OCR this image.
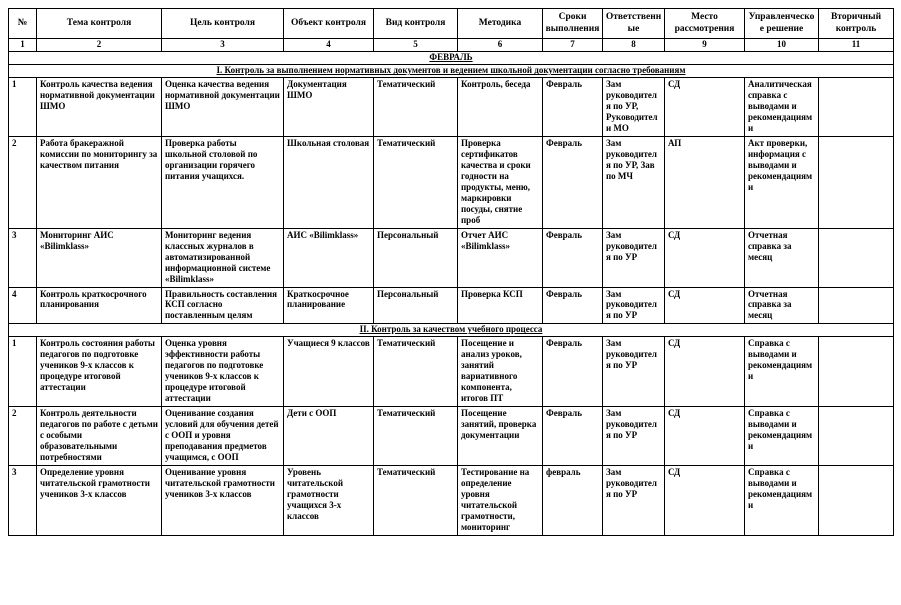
№	Тема контроля	Цель контроля	Объект контроля	Вид контроля	Методика	Сроки выполнения	Ответственные	Место рассмотрения	Управленческое решение	Вторичный контроль
1	2	3	4	5	6	7	8	9	10	11
ФЕВРАЛЬ										
I. Контроль за выполнением нормативных документов и ведением школьной документации согласно требованиям										
1	Контроль качества ведения нормативной документации ШМО	Оценка качества ведения нормативной документации ШМО	Документация ШМО	Тематический	Контроль, беседа	Февраль	Зам руководителя по УР, Руководители МО	СД	Аналитическая справка с выводами и рекомендациями	
2	Работа бракеражной комиссии по мониторингу за качеством питания	Проверка работы школьной столовой по организации горячего питания учащихся.	Школьная столовая	Тематический	Проверка сертификатов качества и сроки годности на продукты, меню, маркировки посуды, снятие проб	Февраль	Зам руководителя по УР, Зав по МЧ	АП	Акт проверки, информация с выводами и рекомендациями	
3	Мониторинг АИС «Bilimklass»	Мониторинг ведения классных журналов в автоматизированной информационной системе «Bilimklass»	АИС «Bilimklass»	Персональный	Отчет АИС «Bilimklass»	Февраль	Зам руководителя по УР	СД	Отчетная справка за месяц	
4	Контроль краткосрочного планирования	Правильность составления КСП согласно поставленным целям	Краткосрочное планирование	Персональный	Проверка КСП	Февраль	Зам руководителя по УР	СД	Отчетная справка за месяц	
II. Контроль за качеством учебного процесса										
1	Контроль состояния работы педагогов по подготовке учеников 9-х классов к процедуре итоговой аттестации	Оценка уровня эффективности работы педагогов по подготовке учеников 9-х классов к процедуре итоговой аттестации	Учащиеся 9 классов	Тематический	Посещение и анализ уроков, занятий вариативного компонента, итогов ПТ	Февраль	Зам руководителя по УР	СД	Справка с выводами и рекомендациями	
2	Контроль деятельности педагогов по работе с детьми с особыми образовательными потребностями	Оценивание создания условий для обучения детей с ООП и уровня преподавания предметов учащимся, с ООП	Дети с ООП	Тематический	Посещение занятий, проверка документации	Февраль	Зам руководителя по УР	СД	Справка с выводами и рекомендациями	
3	Определение уровня читательской грамотности учеников 3-х классов	Оценивание уровня читательской грамотности учеников 3-х классов	Уровень читательской грамотности учащихся 3-х классов	Тематический	Тестирование на определение уровня читательской грамотности, мониторинг	февраль	Зам руководителя по УР	СД	Справка с выводами и рекомендациями	
